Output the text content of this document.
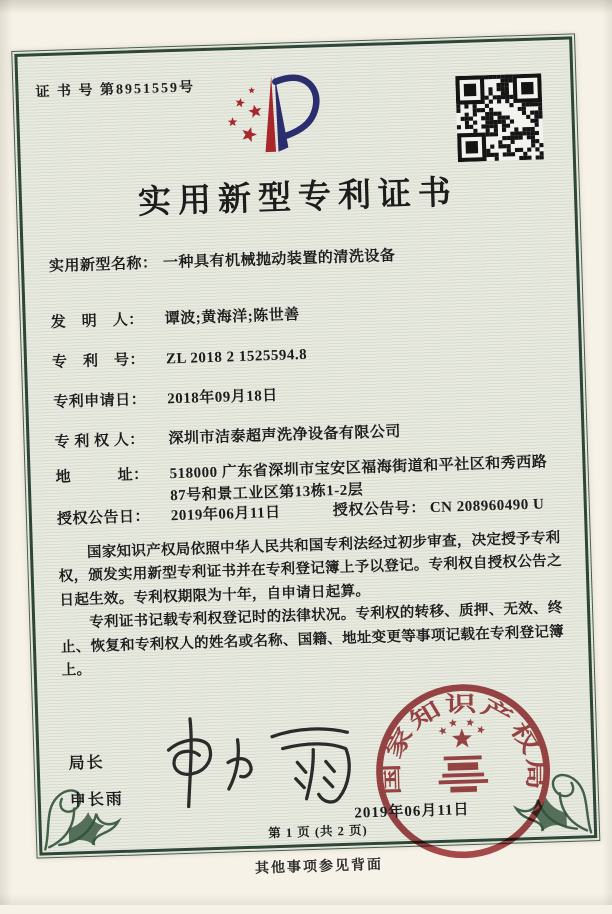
证 书 号 第8951559号
实用新型专利证书
实用新型名称： 一种具有机械抛动装置的清洗设备
发　明　人：	谭波;黄海洋;陈世善
专　利　号：	ZL 2018 2 1525594.8
专利申请日：	2018年09月18日
专 利 权 人：	深圳市洁泰超声洗净设备有限公司
地　　　址：	518000 广东省深圳市宝安区福海街道和平社区和秀西路87号和景工业区第13栋1-2层
授权公告日：	2019年06月11日	授权公告号： CN 208960490 U

国家知识产权局依照中华人民共和国专利法经过初步审查，决定授予专利权，颁发实用新型专利证书并在专利登记簿上予以登记。专利权自授权公告之日起生效。专利权期限为十年，自申请日起算。

专利证书记载专利权登记时的法律状况。专利权的转移、质押、无效、终止、恢复和专利权人的姓名或名称、国籍、地址变更等事项记载在专利登记簿上。

局长
申长雨
国家知识产权局
2019年06月11日
第 1 页 (共 2 页)
其他事项参见背面
